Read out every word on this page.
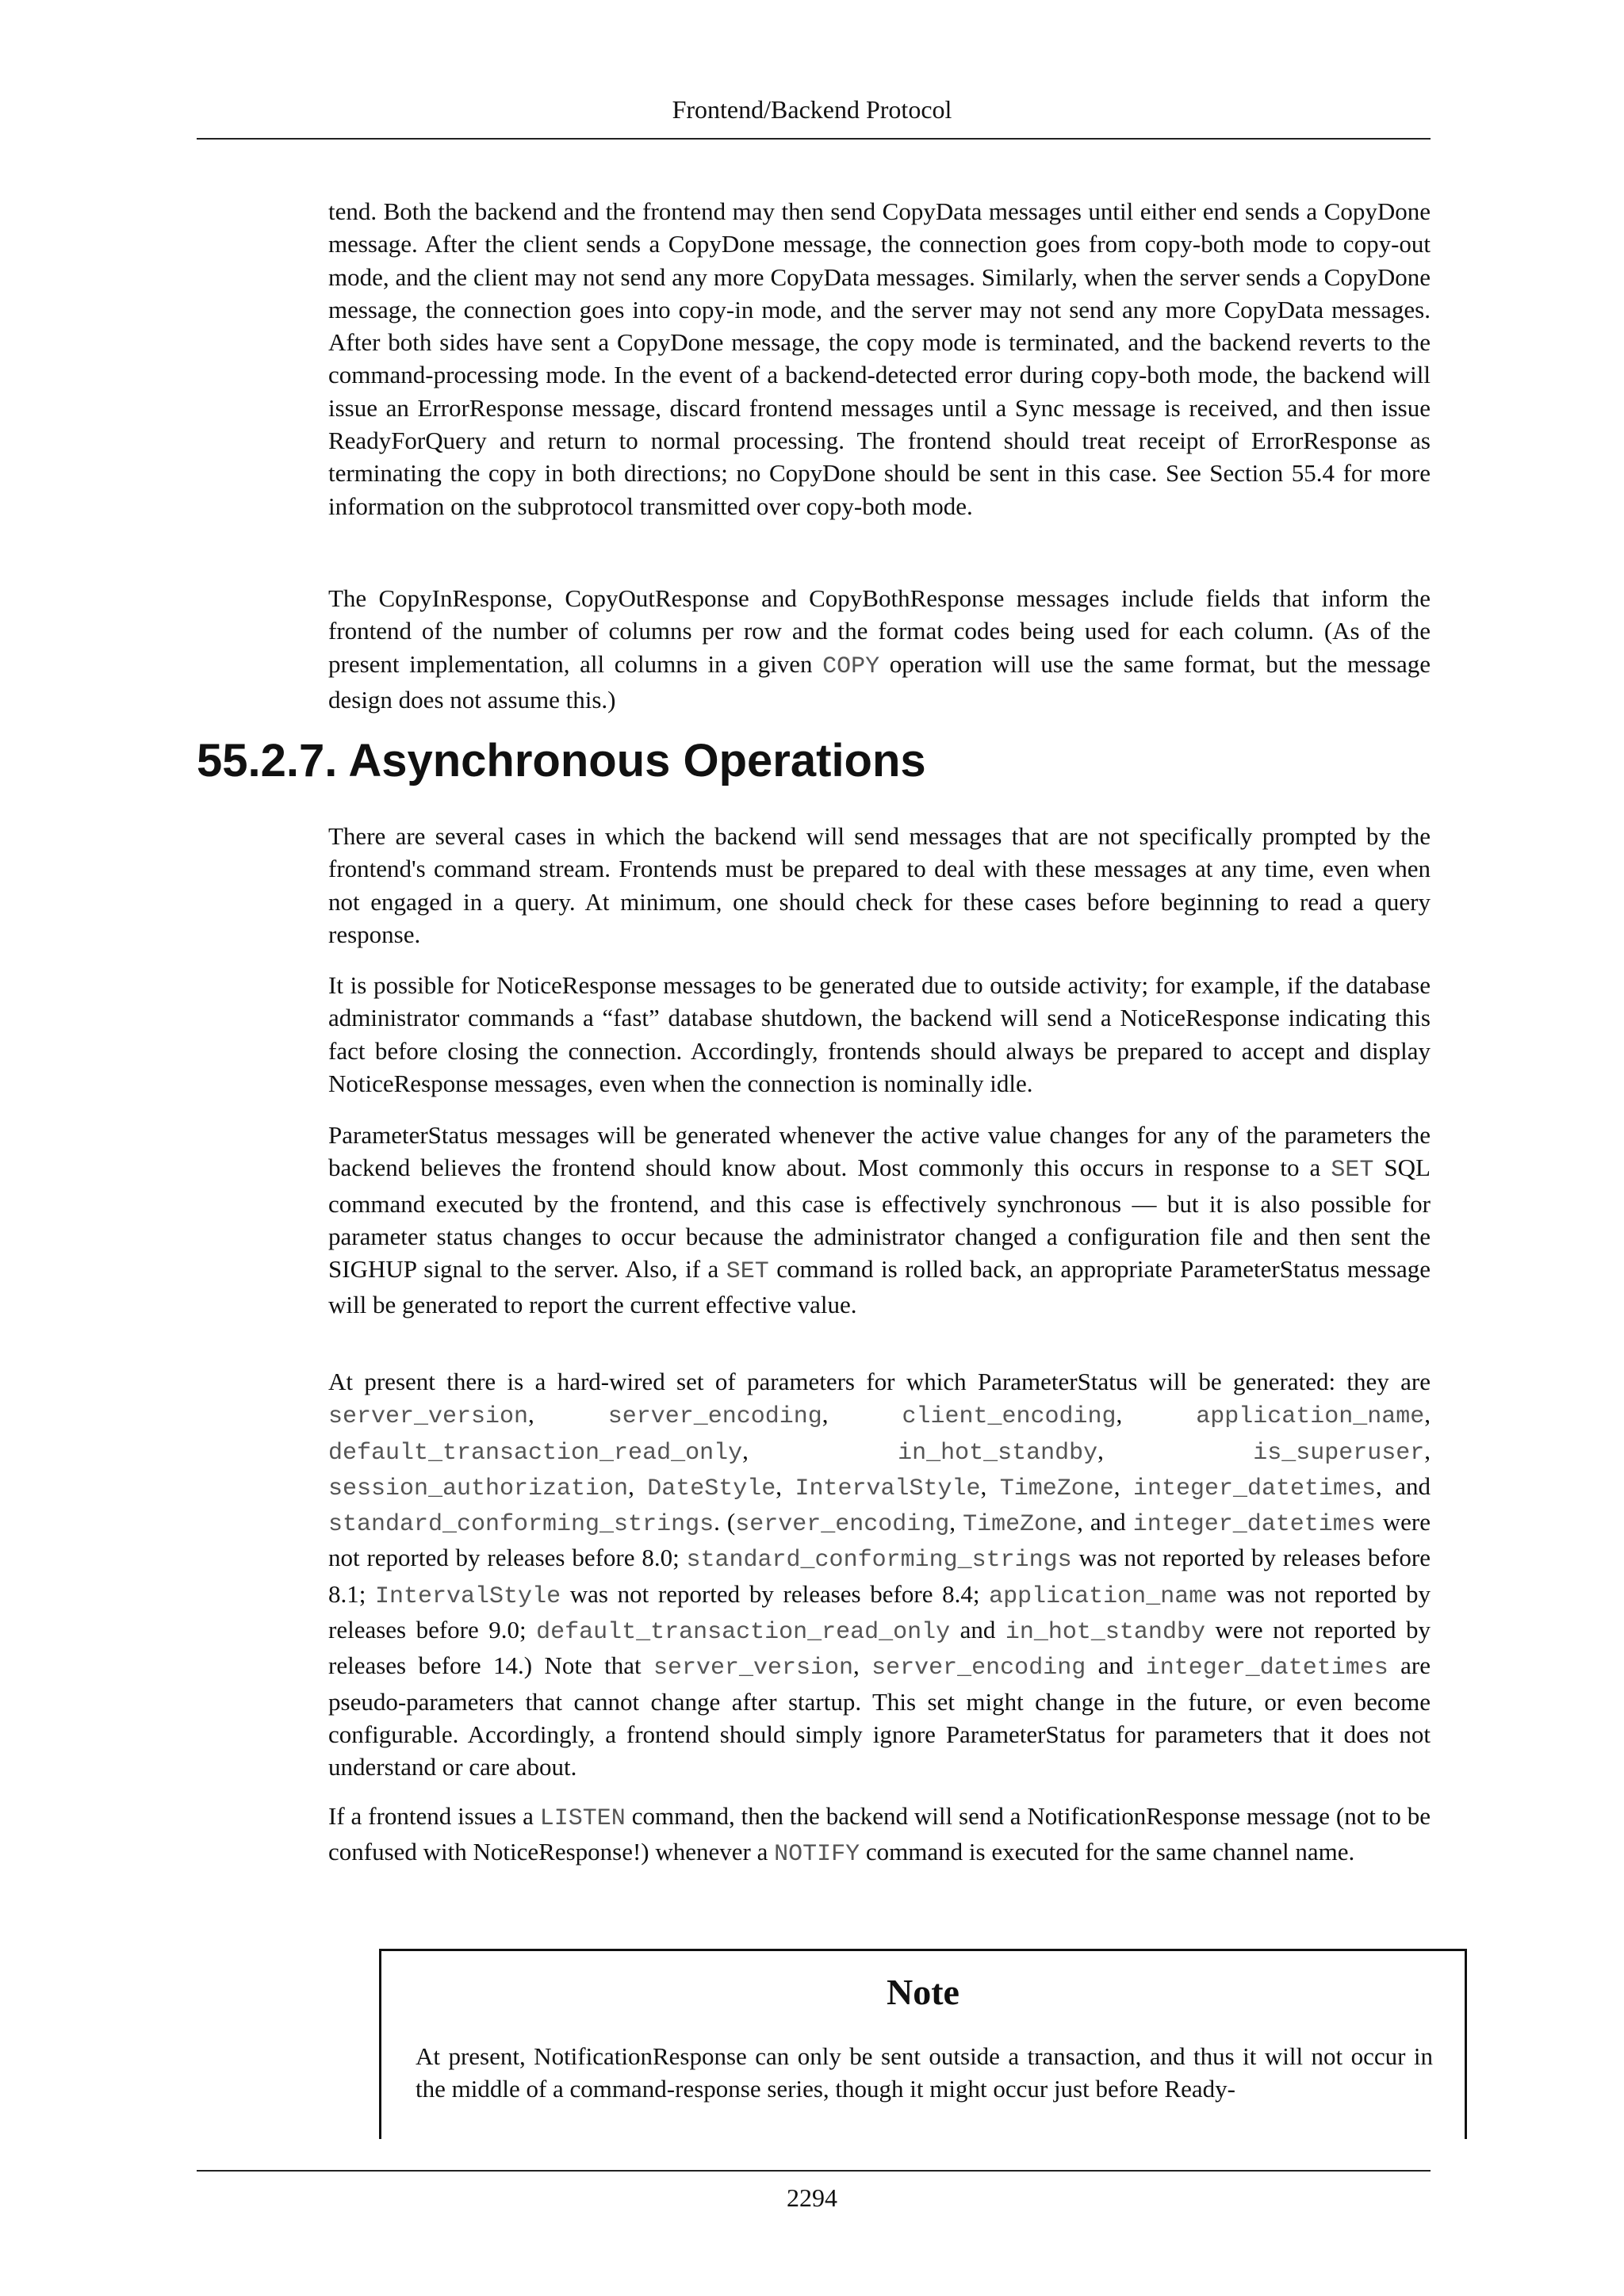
Frontend/Backend Protocol

tend. Both the backend and the frontend may then send CopyData messages until either end sends a CopyDone message. After the client sends a CopyDone message, the connection goes from copy-both mode to copy-out mode, and the client may not send any more CopyData messages. Similarly, when the server sends a CopyDone message, the connection goes into copy-in mode, and the server may not send any more CopyData messages. After both sides have sent a CopyDone message, the copy mode is terminated, and the backend reverts to the command-processing mode. In the event of a backend-detected error during copy-both mode, the backend will issue an ErrorResponse message, discard frontend messages until a Sync message is received, and then issue ReadyForQuery and return to normal processing. The frontend should treat receipt of ErrorResponse as terminating the copy in both directions; no CopyDone should be sent in this case. See Section 55.4 for more information on the subprotocol transmitted over copy-both mode.

The CopyInResponse, CopyOutResponse and CopyBothResponse messages include fields that inform the frontend of the number of columns per row and the format codes being used for each column. (As of the present implementation, all columns in a given COPY operation will use the same format, but the message design does not assume this.)

55.2.7. Asynchronous Operations

There are several cases in which the backend will send messages that are not specifically prompted by the frontend's command stream. Frontends must be prepared to deal with these messages at any time, even when not engaged in a query. At minimum, one should check for these cases before beginning to read a query response.

It is possible for NoticeResponse messages to be generated due to outside activity; for example, if the database administrator commands a “fast” database shutdown, the backend will send a NoticeResponse indicating this fact before closing the connection. Accordingly, frontends should always be prepared to accept and display NoticeResponse messages, even when the connection is nominally idle.

ParameterStatus messages will be generated whenever the active value changes for any of the parameters the backend believes the frontend should know about. Most commonly this occurs in response to a SET SQL command executed by the frontend, and this case is effectively synchronous — but it is also possible for parameter status changes to occur because the administrator changed a configuration file and then sent the SIGHUP signal to the server. Also, if a SET command is rolled back, an appropriate ParameterStatus message will be generated to report the current effective value.

At present there is a hard-wired set of parameters for which ParameterStatus will be generated: they are server_version, server_encoding, client_encoding, application_name, default_transaction_read_only, in_hot_standby, is_superuser, session_authorization, DateStyle, IntervalStyle, TimeZone, integer_datetimes, and standard_conforming_strings. (server_encoding, TimeZone, and integer_datetimes were not reported by releases before 8.0; standard_conforming_strings was not reported by releases before 8.1; IntervalStyle was not reported by releases before 8.4; application_name was not reported by releases before 9.0; default_transaction_read_only and in_hot_standby were not reported by releases before 14.) Note that server_version, server_encoding and integer_datetimes are pseudo-parameters that cannot change after startup. This set might change in the future, or even become configurable. Accordingly, a frontend should simply ignore ParameterStatus for parameters that it does not understand or care about.

If a frontend issues a LISTEN command, then the backend will send a NotificationResponse message (not to be confused with NoticeResponse!) whenever a NOTIFY command is executed for the same channel name.

Note

At present, NotificationResponse can only be sent outside a transaction, and thus it will not occur in the middle of a command-response series, though it might occur just before Ready-

2294
